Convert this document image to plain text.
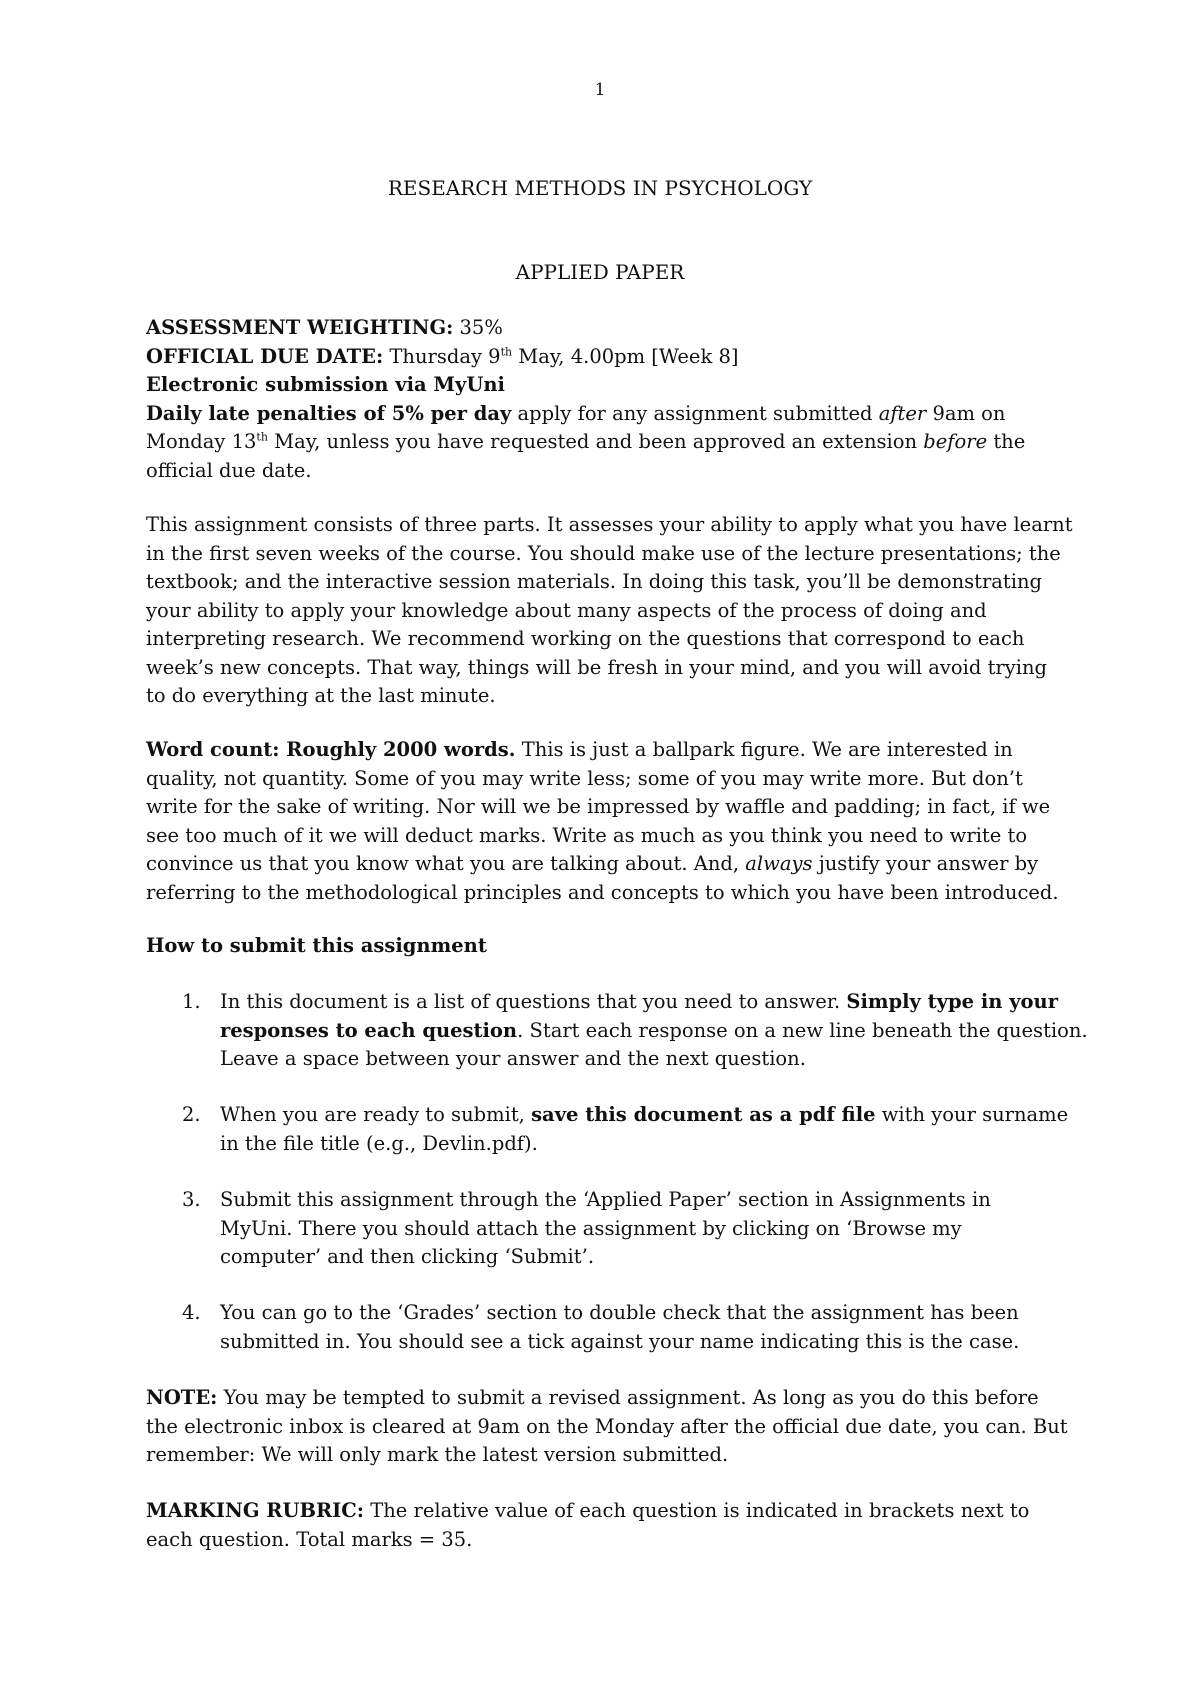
1
RESEARCH METHODS IN PSYCHOLOGY
APPLIED PAPER
ASSESSMENT WEIGHTING: 35%
OFFICIAL DUE DATE: Thursday 9th May, 4.00pm [Week 8]
Electronic submission via MyUni
Daily late penalties of 5% per day apply for any assignment submitted after 9am on
Monday 13th May, unless you have requested and been approved an extension before the
official due date.
This assignment consists of three parts. It assesses your ability to apply what you have learnt
in the first seven weeks of the course. You should make use of the lecture presentations; the
textbook; and the interactive session materials. In doing this task, you’ll be demonstrating
your ability to apply your knowledge about many aspects of the process of doing and
interpreting research. We recommend working on the questions that correspond to each
week’s new concepts. That way, things will be fresh in your mind, and you will avoid trying
to do everything at the last minute.
Word count: Roughly 2000 words. This is just a ballpark figure. We are interested in
quality, not quantity. Some of you may write less; some of you may write more. But don’t
write for the sake of writing. Nor will we be impressed by waffle and padding; in fact, if we
see too much of it we will deduct marks. Write as much as you think you need to write to
convince us that you know what you are talking about. And, always justify your answer by
referring to the methodological principles and concepts to which you have been introduced.
How to submit this assignment
1. In this document is a list of questions that you need to answer. Simply type in your
responses to each question. Start each response on a new line beneath the question.
Leave a space between your answer and the next question.
2. When you are ready to submit, save this document as a pdf file with your surname
in the file title (e.g., Devlin.pdf).
3. Submit this assignment through the ‘Applied Paper’ section in Assignments in
MyUni. There you should attach the assignment by clicking on ‘Browse my
computer’ and then clicking ‘Submit’.
4. You can go to the ‘Grades’ section to double check that the assignment has been
submitted in. You should see a tick against your name indicating this is the case.
NOTE: You may be tempted to submit a revised assignment. As long as you do this before
the electronic inbox is cleared at 9am on the Monday after the official due date, you can. But
remember: We will only mark the latest version submitted.
MARKING RUBRIC: The relative value of each question is indicated in brackets next to
each question. Total marks = 35.
